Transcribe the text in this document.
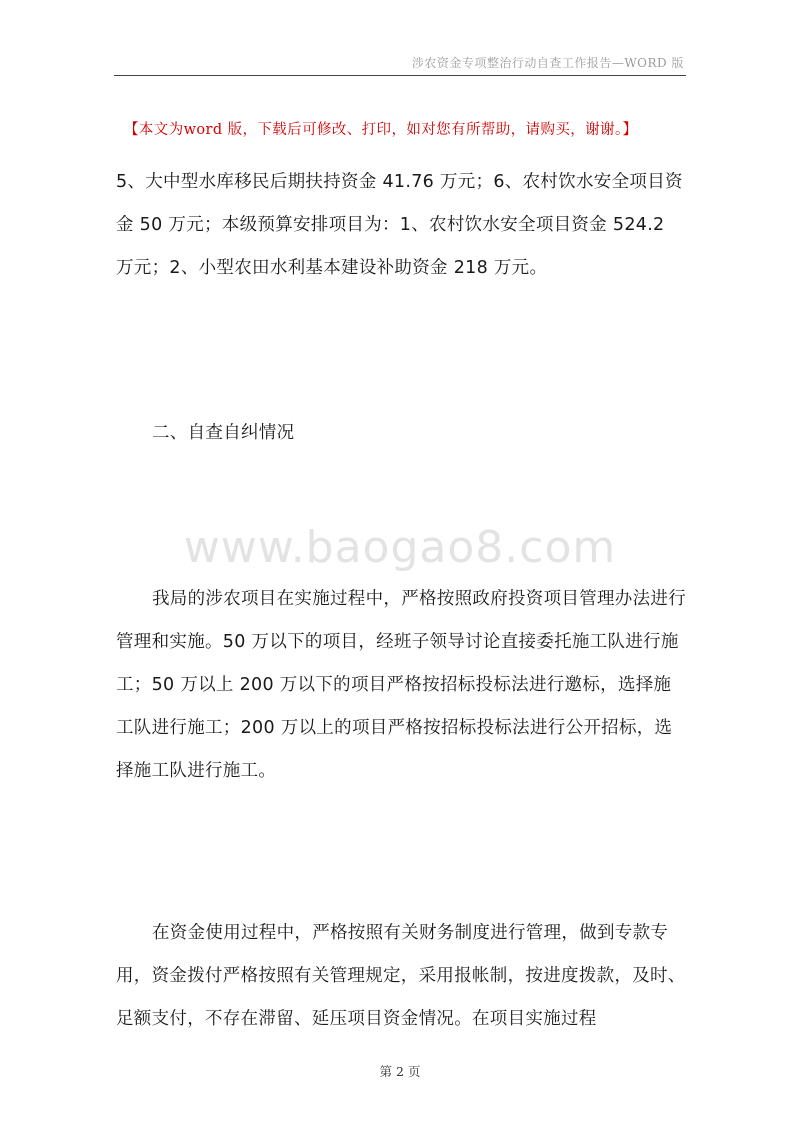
涉农资金专项整治行动自查工作报告—WORD 版
【本文为word 版，下载后可修改、打印，如对您有所帮助，请购买，谢谢。】

5、大中型水库移民后期扶持资金 41.76 万元；6、农村饮水安全项目资金 50 万元；本级预算安排项目为：1、农村饮水安全项目资金 524.2 万元；2、小型农田水利基本建设补助资金 218 万元。

二、自查自纠情况

www.baogao8.com

我局的涉农项目在实施过程中，严格按照政府投资项目管理办法进行管理和实施。50 万以下的项目，经班子领导讨论直接委托施工队进行施工；50 万以上 200 万以下的项目严格按招标投标法进行邀标，选择施工队进行施工；200 万以上的项目严格按招标投标法进行公开招标，选择施工队进行施工。

在资金使用过程中，严格按照有关财务制度进行管理，做到专款专用，资金拨付严格按照有关管理规定，采用报帐制，按进度拨款，及时、足额支付，不存在滞留、延压项目资金情况。在项目实施过程

第 2 页
